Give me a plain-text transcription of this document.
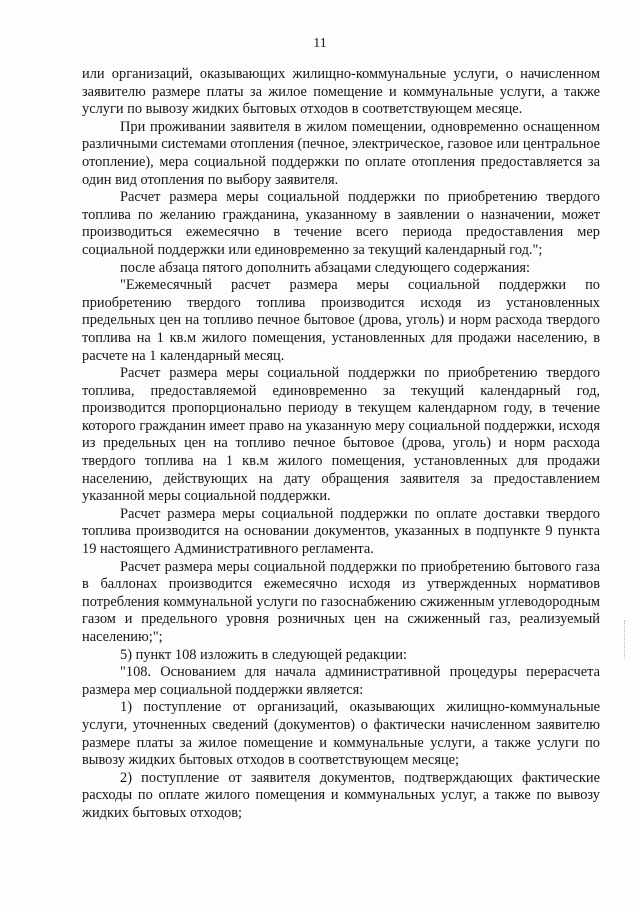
11

или организаций, оказывающих жилищно-коммунальные услуги, о начисленном заявителю размере платы за жилое помещение и коммунальные услуги, а также услуги по вывозу жидких бытовых отходов в соответствующем месяце.

При проживании заявителя в жилом помещении, одновременно оснащенном различными системами отопления (печное, электрическое, газовое или центральное отопление), мера социальной поддержки по оплате отопления предоставляется за один вид отопления по выбору заявителя.

Расчет размера меры социальной поддержки по приобретению твердого топлива по желанию гражданина, указанному в заявлении о назначении, может производиться ежемесячно в течение всего периода предоставления мер социальной поддержки или единовременно за текущий календарный год.";

после абзаца пятого дополнить абзацами следующего содержания:

"Ежемесячный расчет размера меры социальной поддержки по приобретению твердого топлива производится исходя из установленных предельных цен на топливо печное бытовое (дрова, уголь) и норм расхода твердого топлива на 1 кв.м жилого помещения, установленных для продажи населению, в расчете на 1 календарный месяц.

Расчет размера меры социальной поддержки по приобретению твердого топлива, предоставляемой единовременно за текущий календарный год, производится пропорционально периоду в текущем календарном году, в течение которого гражданин имеет право на указанную меру социальной поддержки, исходя из предельных цен на топливо печное бытовое (дрова, уголь) и норм расхода твердого топлива на 1 кв.м жилого помещения, установленных для продажи населению, действующих на дату обращения заявителя за предоставлением указанной меры социальной поддержки.

Расчет размера меры социальной поддержки по оплате доставки твердого топлива производится на основании документов, указанных в подпункте 9 пункта 19 настоящего Административного регламента.

Расчет размера меры социальной поддержки по приобретению бытового газа в баллонах производится ежемесячно исходя из утвержденных нормативов потребления коммунальной услуги по газоснабжению сжиженным углеводородным газом и предельного уровня розничных цен на сжиженный газ, реализуемый населению;";

5) пункт 108 изложить в следующей редакции:

"108. Основанием для начала административной процедуры перерасчета размера мер социальной поддержки является:

1) поступление от организаций, оказывающих жилищно-коммунальные услуги, уточненных сведений (документов) о фактически начисленном заявителю размере платы за жилое помещение и коммунальные услуги, а также услуги по вывозу жидких бытовых отходов в соответствующем месяце;

2) поступление от заявителя документов, подтверждающих фактические расходы по оплате жилого помещения и коммунальных услуг, а также по вывозу жидких бытовых отходов;
